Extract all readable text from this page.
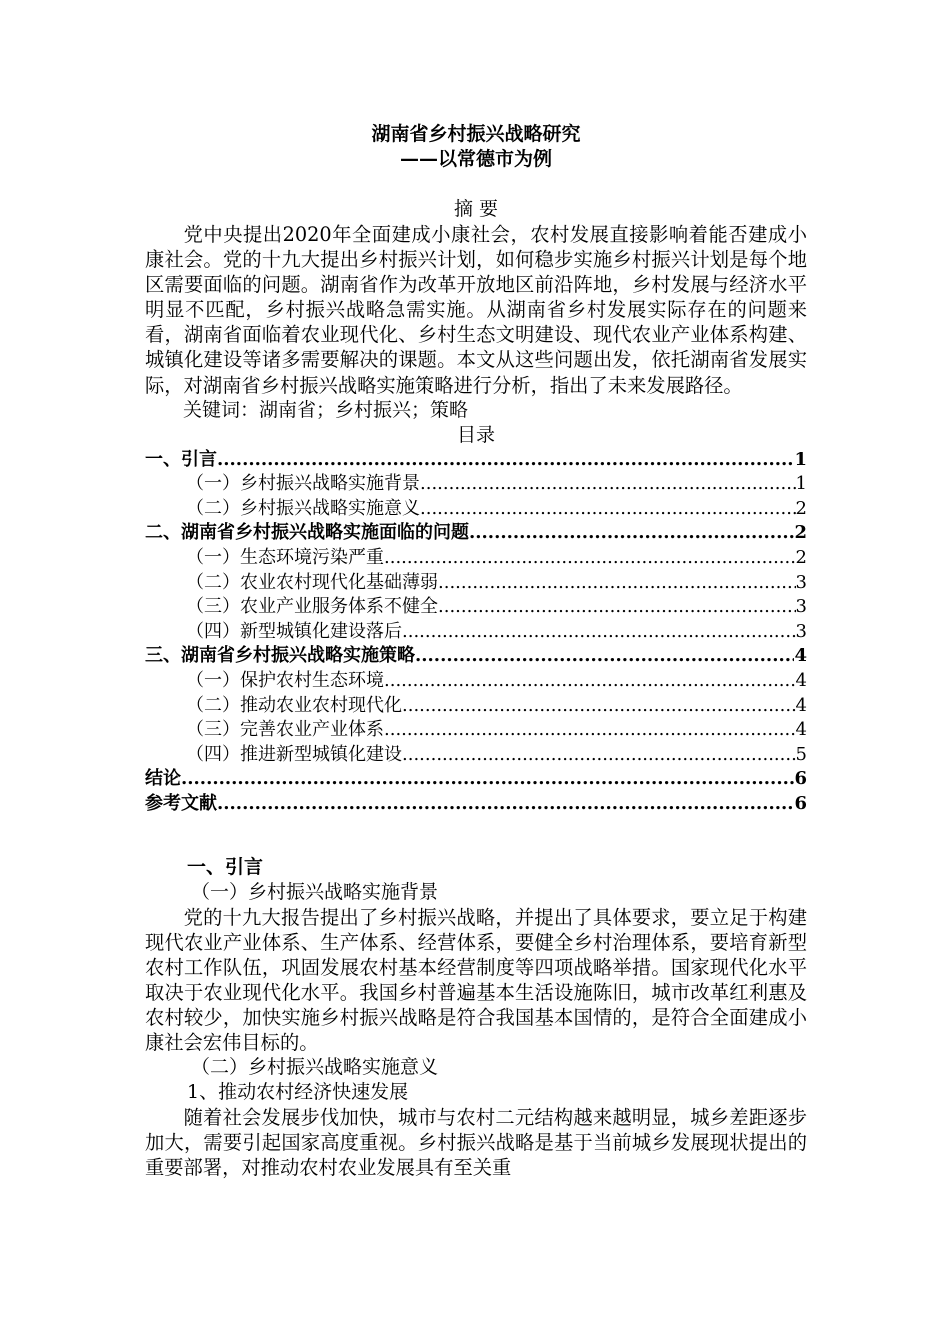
湖南省乡村振兴战略研究
——以常德市为例
摘 要

党中央提出2020年全面建成小康社会，农村发展直接影响着能否建成小康社会。党的十九大提出乡村振兴计划，如何稳步实施乡村振兴计划是每个地区需要面临的问题。湖南省作为改革开放地区前沿阵地，乡村发展与经济水平明显不匹配，乡村振兴战略急需实施。从湖南省乡村发展实际存在的问题来看，湖南省面临着农业现代化、乡村生态文明建设、现代农业产业体系构建、城镇化建设等诸多需要解决的课题。本文从这些问题出发，依托湖南省发展实际，对湖南省乡村振兴战略实施策略进行分析，指出了未来发展路径。

关键词：湖南省；乡村振兴；策略

目录
一、引言 .....	1
（一）乡村振兴战略实施背景 .....	1
（二）乡村振兴战略实施意义 .....	2
二、湖南省乡村振兴战略实施面临的问题 .....	2
（一）生态环境污染严重 .....	2
（二）农业农村现代化基础薄弱 .....	3
（三）农业产业服务体系不健全 .....	3
（四）新型城镇化建设落后 .....	3
三、湖南省乡村振兴战略实施策略 .....	4
（一）保护农村生态环境 .....	4
（二）推动农业农村现代化 .....	4
（三）完善农业产业体系 .....	4
（四）推进新型城镇化建设 .....	5
结论 .....	6
参考文献 .....	6

一、引言

（一）乡村振兴战略实施背景

党的十九大报告提出了乡村振兴战略，并提出了具体要求，要立足于构建现代农业产业体系、生产体系、经营体系，要健全乡村治理体系，要培育新型农村工作队伍，巩固发展农村基本经营制度等四项战略举措。国家现代化水平取决于农业现代化水平。我国乡村普遍基本生活设施陈旧，城市改革红利惠及农村较少，加快实施乡村振兴战略是符合我国基本国情的，是符合全面建成小康社会宏伟目标的。

（二）乡村振兴战略实施意义

1、推动农村经济快速发展

随着社会发展步伐加快，城市与农村二元结构越来越明显，城乡差距逐步加大，需要引起国家高度重视。乡村振兴战略是基于当前城乡发展现状提出的重要部署，对推动农村农业发展具有至关重
